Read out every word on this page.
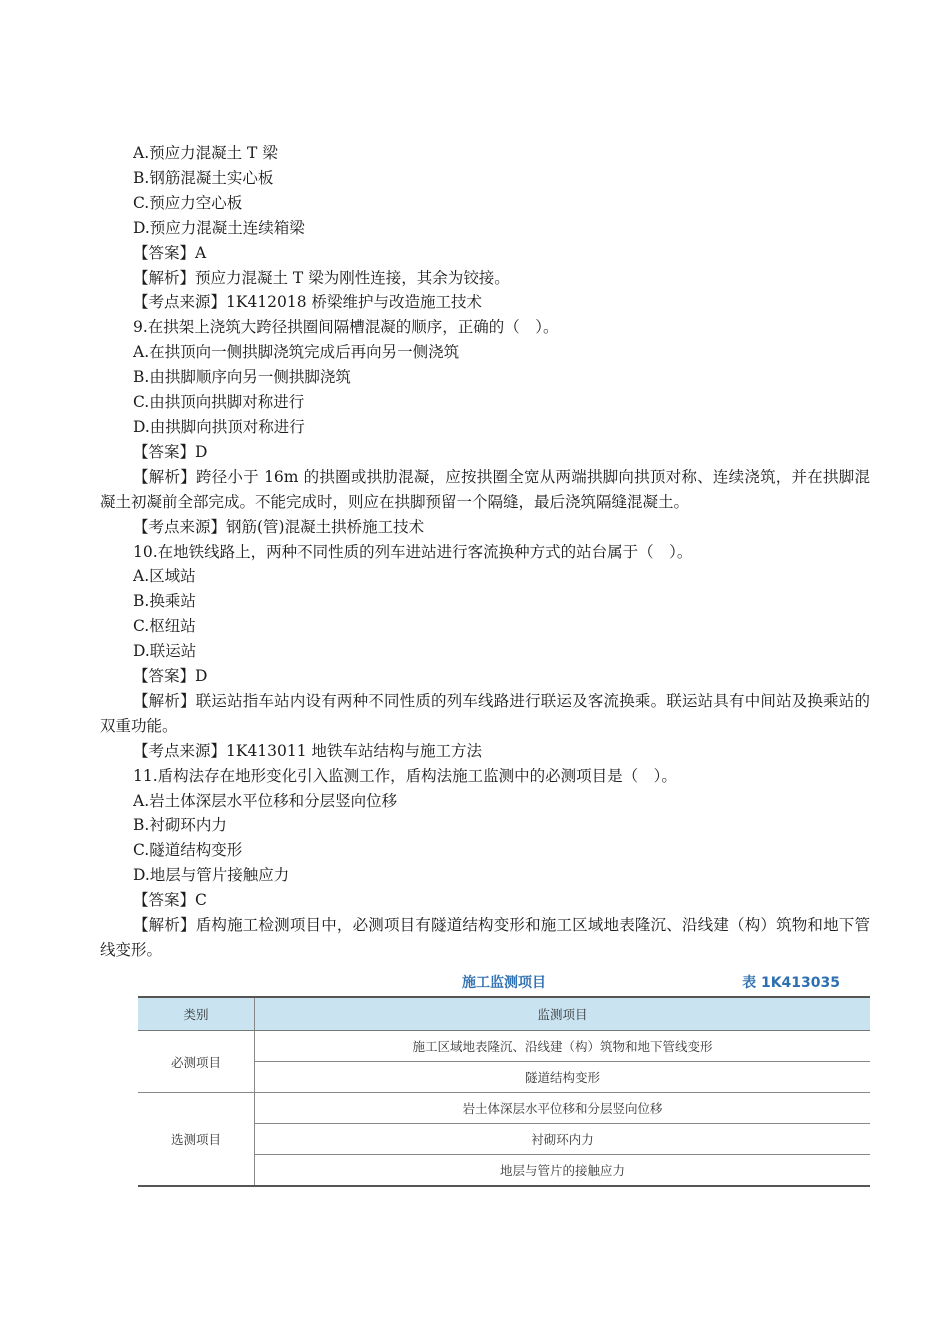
A.预应力混凝土 T 梁
B.钢筋混凝土实心板
C.预应力空心板
D.预应力混凝土连续箱梁
【答案】A
【解析】预应力混凝土 T 梁为刚性连接，其余为铰接。
【考点来源】1K412018 桥梁维护与改造施工技术
9.在拱架上浇筑大跨径拱圈间隔槽混凝的顺序，正确的（　）。
A.在拱顶向一侧拱脚浇筑完成后再向另一侧浇筑
B.由拱脚顺序向另一侧拱脚浇筑
C.由拱顶向拱脚对称进行
D.由拱脚向拱顶对称进行
【答案】D
【解析】跨径小于 16m 的拱圈或拱肋混凝，应按拱圈全宽从两端拱脚向拱顶对称、连续浇筑，并在拱脚混凝土初凝前全部完成。不能完成时，则应在拱脚预留一个隔缝，最后浇筑隔缝混凝土。
【考点来源】钢筋(管)混凝土拱桥施工技术
10.在地铁线路上，两种不同性质的列车进站进行客流换种方式的站台属于（　）。
A.区域站
B.换乘站
C.枢纽站
D.联运站
【答案】D
【解析】联运站指车站内设有两种不同性质的列车线路进行联运及客流换乘。联运站具有中间站及换乘站的双重功能。
【考点来源】1K413011 地铁车站结构与施工方法
11.盾构法存在地形变化引入监测工作，盾构法施工监测中的必测项目是（　）。
A.岩土体深层水平位移和分层竖向位移
B.衬砌环内力
C.隧道结构变形
D.地层与管片接触应力
【答案】C
【解析】盾构施工检测项目中，必测项目有隧道结构变形和施工区域地表隆沉、沿线建（构）筑物和地下管线变形。
施工监测项目	表 1K413035
类别	监测项目
必测项目	施工区域地表隆沉、沿线建（构）筑物和地下管线变形
	隧道结构变形
选测项目	岩土体深层水平位移和分层竖向位移
	衬砌环内力
	地层与管片的接触应力
